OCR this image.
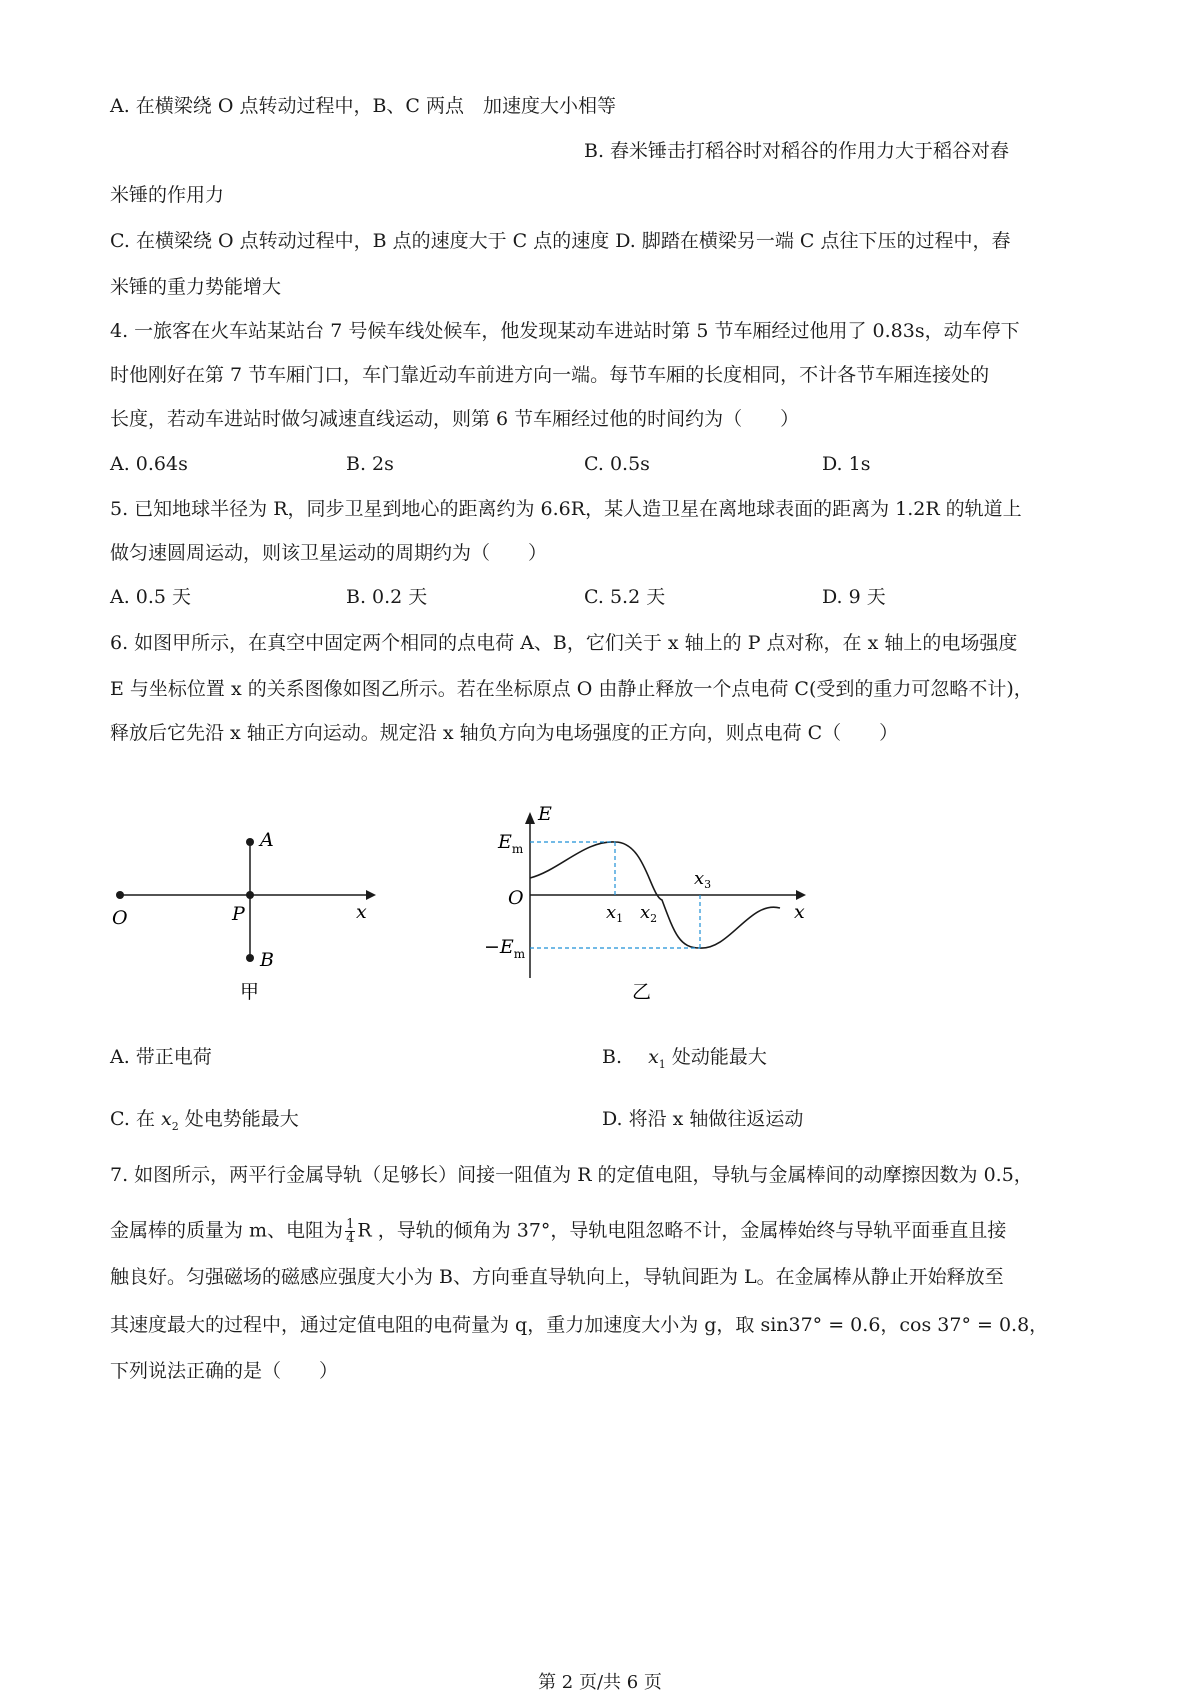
A. 在横梁绕 O 点转动过程中，B、C 两点　加速度大小相等
B. 舂米锤击打稻谷时对稻谷的作用力大于稻谷对舂
米锤的作用力
C. 在横梁绕 O 点转动过程中，B 点的速度大于 C 点的速度 D. 脚踏在横梁另一端 C 点往下压的过程中，舂
米锤的重力势能增大
4. 一旅客在火车站某站台 7 号候车线处候车，他发现某动车进站时第 5 节车厢经过他用了 0.83s，动车停下
时他刚好在第 7 节车厢门口，车门靠近动车前进方向一端。每节车厢的长度相同，不计各节车厢连接处的
长度，若动车进站时做匀减速直线运动，则第 6 节车厢经过他的时间约为（　　）
A. 0.64s	B. 2s	C. 0.5s	D. 1s
5. 已知地球半径为 R，同步卫星到地心的距离约为 6.6R，某人造卫星在离地球表面的距离为 1.2R 的轨道上
做匀速圆周运动，则该卫星运动的周期约为（　　）
A. 0.5 天	B. 0.2 天	C. 5.2 天	D. 9 天
6. 如图甲所示，在真空中固定两个相同的点电荷 A、B，它们关于 x 轴上的 P 点对称，在 x 轴上的电场强度
E 与坐标位置 x 的关系图像如图乙所示。若在坐标原点 O 由静止释放一个点电荷 C(受到的重力可忽略不计)，
释放后它先沿 x 轴正方向运动。规定沿 x 轴负方向为电场强度的正方向，则点电荷 C（　　）
A
B
O	P	x
甲
E
$E_m$
O
$-E_m$
$x_1$ $x_2$
$x_3$
x
乙
A. 带正电荷	B. $x_1$ 处动能最大
C. 在 $x_2$ 处电势能最大	D. 将沿 x 轴做往返运动
7. 如图所示，两平行金属导轨（足够长）间接一阻值为 R 的定值电阻，导轨与金属棒间的动摩擦因数为 0.5，
金属棒的质量为 m、电阻为 $\frac{1}{4}$ R ，导轨的倾角为 37°，导轨电阻忽略不计，金属棒始终与导轨平面垂直且接
触良好。匀强磁场的磁感应强度大小为 B、方向垂直导轨向上，导轨间距为 L。在金属棒从静止开始释放至
其速度最大的过程中，通过定值电阻的电荷量为 q，重力加速度大小为 g，取 sin37° = 0.6，cos 37° = 0.8，
下列说法正确的是（　　）
第 2 页/共 6 页
